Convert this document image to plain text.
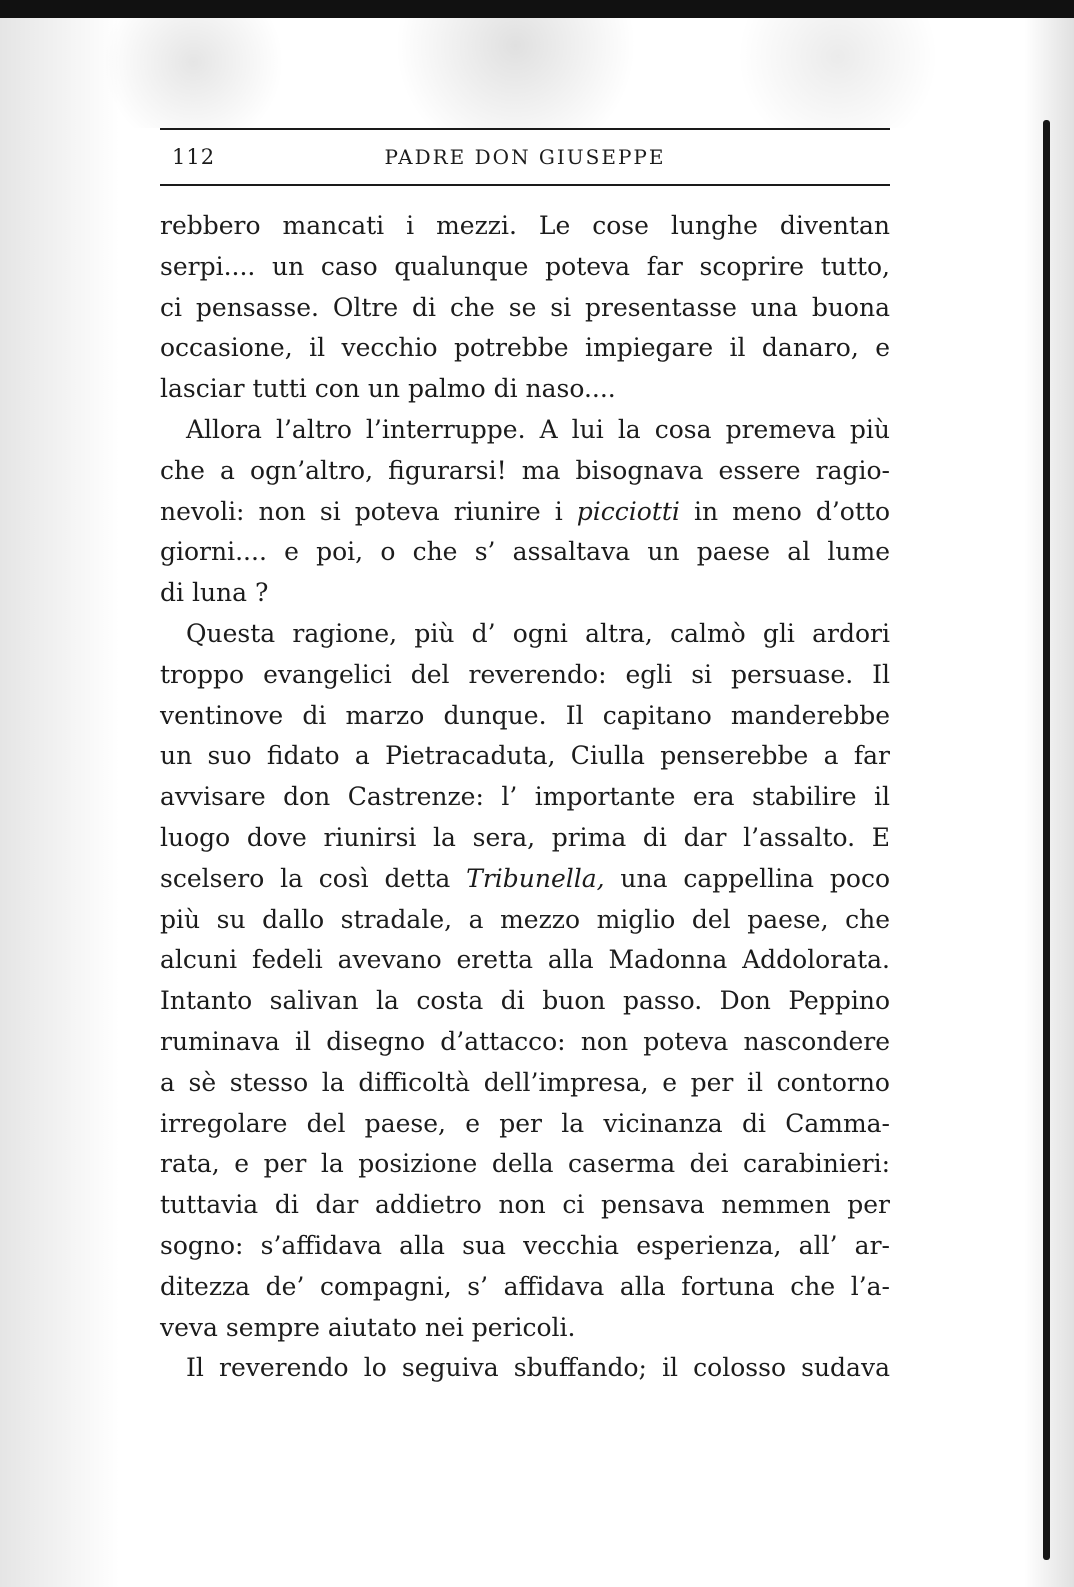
112	PADRE DON GIUSEPPE
rebbero mancati i mezzi. Le cose lunghe diventan
serpi.... un caso qualunque poteva far scoprire tutto,
ci pensasse. Oltre di che se si presentasse una buona
occasione, il vecchio potrebbe impiegare il danaro, e
lasciar tutti con un palmo di naso....
Allora l’altro l’interruppe. A lui la cosa premeva più
che a ogn’altro, figurarsi! ma bisognava essere ragio-
nevoli: non si poteva riunire i picciotti in meno d’otto
giorni.... e poi, o che s’ assaltava un paese al lume
di luna ?
Questa ragione, più d’ ogni altra, calmò gli ardori
troppo evangelici del reverendo: egli si persuase. Il
ventinove di marzo dunque. Il capitano manderebbe
un suo fidato a Pietracaduta, Ciulla penserebbe a far
avvisare don Castrenze: l’ importante era stabilire il
luogo dove riunirsi la sera, prima di dar l’assalto. E
scelsero la così detta Tribunella, una cappellina poco
più su dallo stradale, a mezzo miglio del paese, che
alcuni fedeli avevano eretta alla Madonna Addolorata.
Intanto salivan la costa di buon passo. Don Peppino
ruminava il disegno d’attacco: non poteva nascondere
a sè stesso la difficoltà dell’impresa, e per il contorno
irregolare del paese, e per la vicinanza di Camma-
rata, e per la posizione della caserma dei carabinieri:
tuttavia di dar addietro non ci pensava nemmen per
sogno: s’affidava alla sua vecchia esperienza, all’ ar-
ditezza de’ compagni, s’ affidava alla fortuna che l’a-
veva sempre aiutato nei pericoli.
Il reverendo lo seguiva sbuffando; il colosso sudava
